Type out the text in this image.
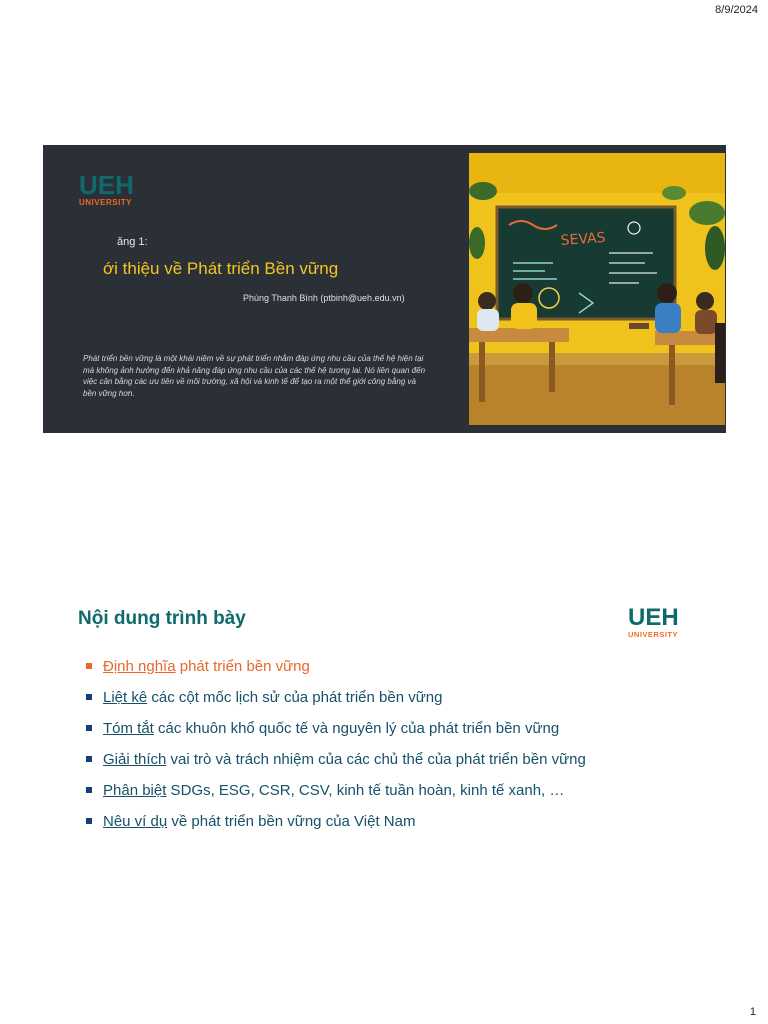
8/9/2024
UEH
UNIVERSITY
ăng 1:
ới thiệu về Phát triển Bền vững
Phùng Thanh Bình (ptbinh@ueh.edu.vn)
Phát triển bền vững là một khái niệm về sự phát triển nhằm đáp ứng nhu cầu của thế hệ hiện tại mà không ảnh hưởng đến khả năng đáp ứng nhu cầu của các thế hệ tương lai. Nó liên quan đến việc cân bằng các ưu tiên về môi trường, xã hội và kinh tế để tạo ra một thế giới công bằng và bền vững hơn.
SEVAS
Nội dung trình bày	UEH
UNIVERSITY
Định nghĩa phát triển bền vững
Liệt kê các cột mốc lịch sử của phát triển bền vững
Tóm tắt các khuôn khổ quốc tế và nguyên lý của phát triển bền vững
Giải thích vai trò và trách nhiệm của các chủ thể của phát triển bền vững
Phân biệt SDGs, ESG, CSR, CSV, kinh tế tuần hoàn, kinh tế xanh, …
Nêu ví dụ về phát triển bền vững của Việt Nam
1
